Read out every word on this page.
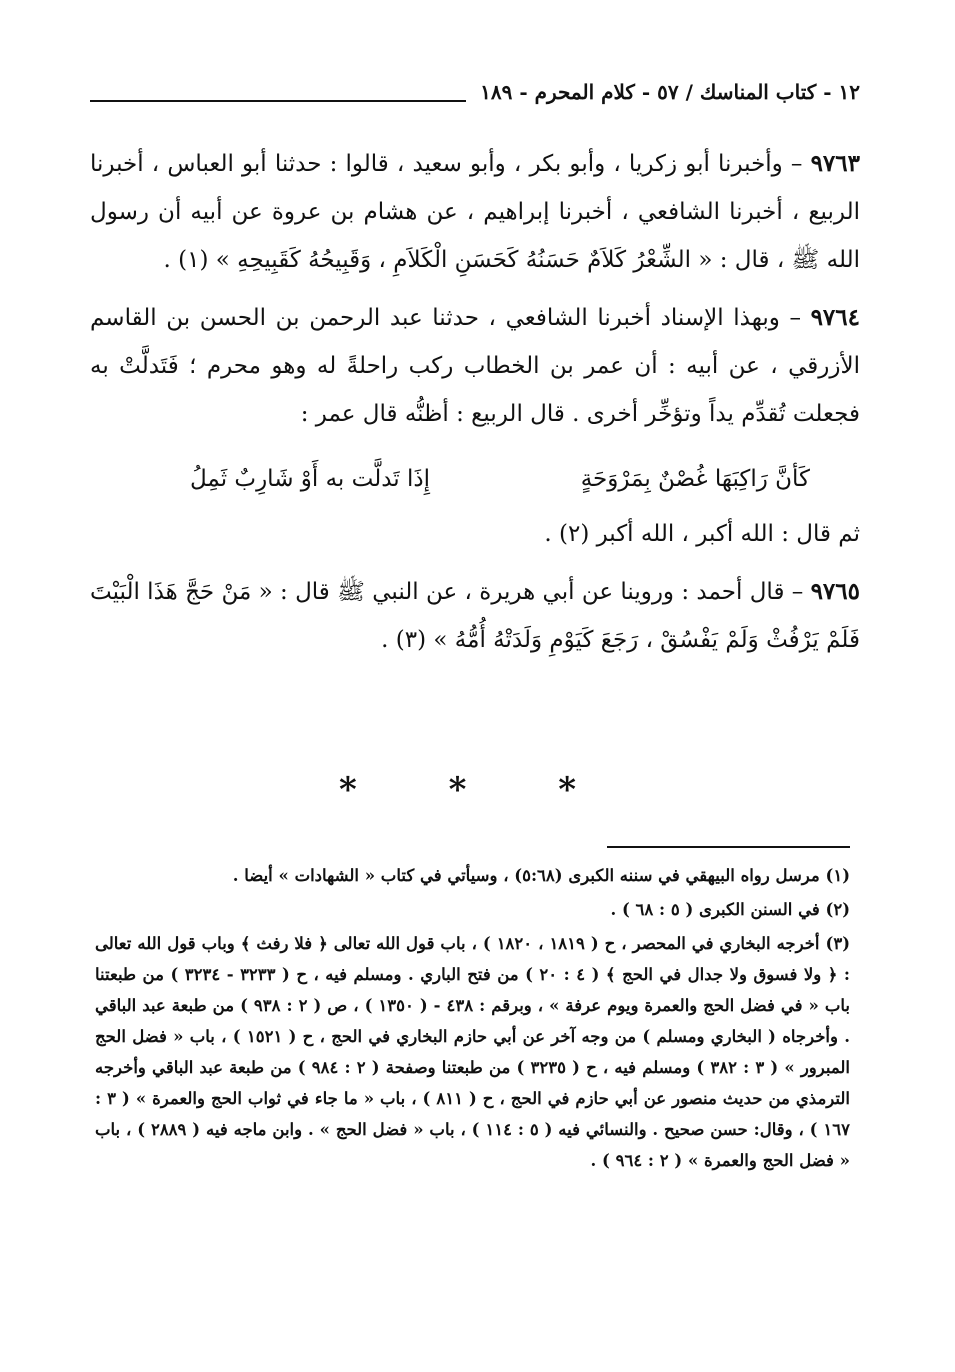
١٢ - كتاب المناسك / ٥٧ - كلام المحرم - ١٨٩

٩٧٦٣ – وأخبرنا أبو زكريا ، وأبو بكر ، وأبو سعيد ، قالوا : حدثنا أبو العباس ، أخبرنا الربيع ، أخبرنا الشافعي ، أخبرنا إبراهيم ، عن هشام بن عروة عن أبيه أن رسول الله ﷺ ، قال : « الشِّعْرُ كَلاَمٌ حَسَنُهُ كَحَسَنِ الْكَلاَمِ ، وَقَبِيحُهُ كَقَبِيحِهِ » (١) .

٩٧٦٤ – وبهذا الإسناد أخبرنا الشافعي ، حدثنا عبد الرحمن بن الحسن بن القاسم الأزرقي ، عن أبيه : أن عمر بن الخطاب ركب راحلةً له وهو محرم ؛ فَتَدلَّتْ به فجعلت تُقدِّم يداً وتؤخِّر أخرى . قال الربيع : أظنُّه قال عمر :

كَأنَّ رَاكِبَهَا غُصْنٌ بِمَرْوَحَةٍ
إِذَا تَدلَّت به أَوْ شَارِبٌ ثَمِلُ

ثم قال : الله أكبر ، الله أكبر (٢) .

٩٧٦٥ – قال أحمد : وروينا عن أبي هريرة ، عن النبي ﷺ قال : « مَنْ حَجَّ هَذَا الْبَيْتَ فَلَمْ يَرْفُثْ وَلَمْ يَفْسُقْ ، رَجَعَ كَيَوْمِ وَلَدَتْهُ أُمُّهُ » (٣) .

* * *

(١) مرسل رواه البيهقي في سننه الكبرى (٥:٦٨) ، وسيأتي في كتاب « الشهادات » أيضا .

(٢) في السنن الكبرى ( ٥ : ٦٨ ) .

(٣) أخرجه البخاري في المحصر ، ح ( ١٨١٩ ، ١٨٢٠ ) ، باب قول الله تعالى ﴿ فلا رفث ﴾ وباب قول الله تعالى : ﴿ ولا فسوق ولا جدال في الحج ﴾ ( ٤ : ٢٠ ) من فتح الباري . ومسلم فيه ، ح ( ٣٢٣٣ - ٣٢٣٤ ) من طبعتنا باب « في فضل الحج والعمرة ويوم عرفة » ، وبرقم : ٤٣٨ - ( ١٣٥٠ ) ، ص ( ٢ : ٩٣٨ ) من طبعة عبد الباقي . وأخرجاه ( البخاري ومسلم ) من وجه آخر عن أبي حازم البخاري في الحج ، ح ( ١٥٢١ ) ، باب « فضل الحج المبرور » ( ٣ : ٣٨٢ ) ومسلم فيه ، ح ( ٣٢٣٥ ) من طبعتنا وصفحة ( ٢ : ٩٨٤ ) من طبعة عبد الباقي وأخرجه الترمذي من حديث منصور عن أبي حازم في الحج ، ح ( ٨١١ ) ، باب « ما جاء في ثواب الحج والعمرة » ( ٣ : ١٦٧ ) ، وقال: حسن صحيح . والنسائي فيه ( ٥ : ١١٤ ) ، باب « فضل الحج » . وابن ماجه فيه ( ٢٨٨٩ ) ، باب « فضل الحج والعمرة » ( ٢ : ٩٦٤ ) .
